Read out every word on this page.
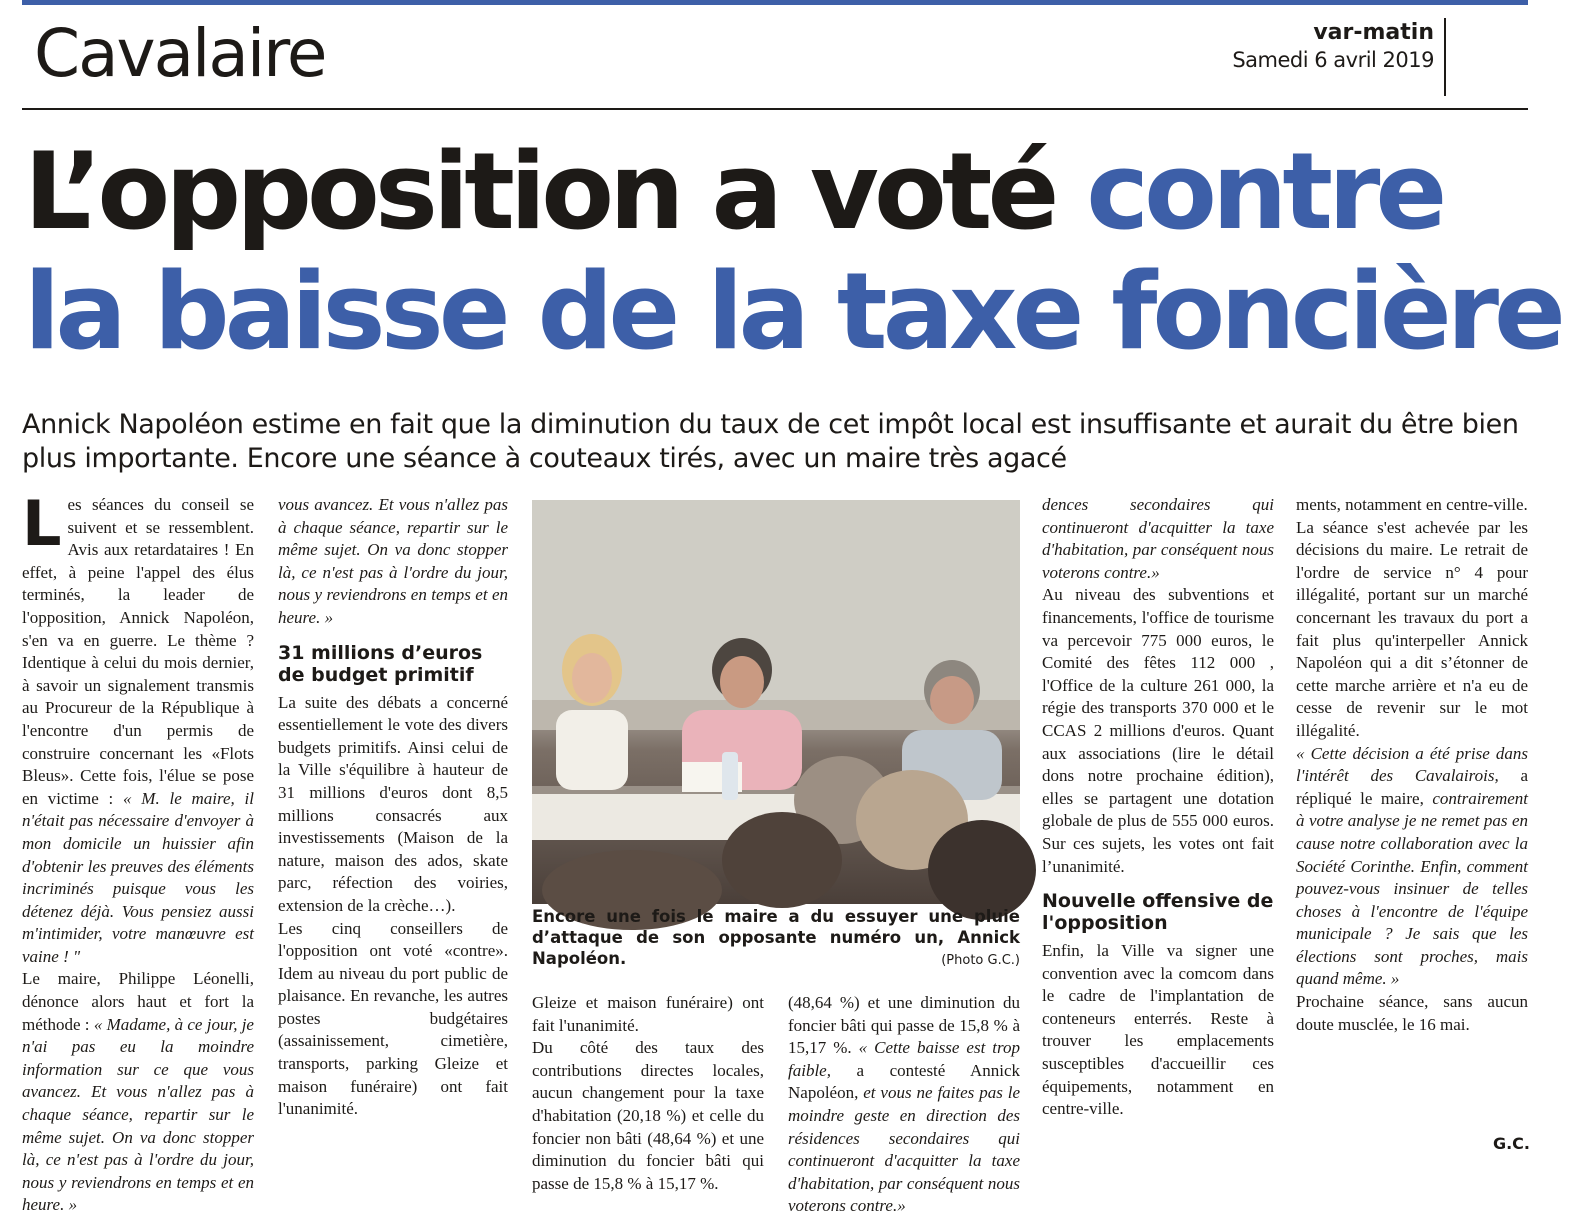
Cavalaire	var-matin
Samedi 6 avril 2019
L’opposition a voté contre
la baisse de la taxe foncière

Annick Napoléon estime en fait que la diminution du taux de cet impôt local est insuffisante et aurait du être bien plus importante. Encore une séance à couteaux tirés, avec un maire très agacé

Les séances du conseil se suivent et se ressemblent. Avis aux retardataires ! En effet, à peine l'appel des élus terminés, la leader de l'opposition, Annick Napoléon, s'en va en guerre. Le thème ? Identique à celui du mois dernier, à savoir un signalement transmis au Procureur de la République à l'encontre d'un permis de construire concernant les «Flots Bleus». Cette fois, l'élue se pose en victime : « M. le maire, il n'était pas nécessaire d'envoyer à mon domicile un huissier afin d'obtenir les preuves des éléments incriminés puisque vous les détenez déjà. Vous pensiez aussi m'intimider, votre manœuvre est vaine ! "

Le maire, Philippe Léonelli, dénonce alors haut et fort la méthode : « Madame, à ce jour, je n'ai pas eu la moindre information sur ce que vous avancez. Et vous n'allez pas à chaque séance, repartir sur le même sujet. On va donc stopper là, ce n'est pas à l'ordre du jour, nous y reviendrons en temps et en heure. »

vous avancez. Et vous n'allez pas à chaque séance, repartir sur le même sujet. On va donc stopper là, ce n'est pas à l'ordre du jour, nous y reviendrons en temps et en heure. »

31 millions d’euros de budget primitif

La suite des débats a concerné essentiellement le vote des divers budgets primitifs. Ainsi celui de la Ville s'équilibre à hauteur de 31 millions d'euros dont 8,5 millions consacrés aux investissements (Maison de la nature, maison des ados, skate parc, réfection des voiries, extension de la crèche…).

Les cinq conseillers de l'opposition ont voté «contre». Idem au niveau du port public de plaisance. En revanche, les autres postes budgétaires (assainissement, cimetière, transports, parking Gleize et maison funéraire) ont fait l'unanimité.

Encore une fois le maire a du essuyer une pluie d’attaque de son opposante numéro un, Annick Napoléon.	(Photo G.C.)

Gleize et maison funéraire) ont fait l'unanimité.

Du côté des taux des contributions directes locales, aucun changement pour la taxe d'habitation (20,18 %) et celle du foncier non bâti (48,64 %) et une diminution du foncier bâti qui passe de 15,8 % à 15,17 %.

(48,64 %) et une diminution du foncier bâti qui passe de 15,8 % à 15,17 %. « Cette baisse est trop faible, a contesté Annick Napoléon, et vous ne faites pas le moindre geste en direction des résidences secondaires qui continueront d'acquitter la taxe d'habitation, par conséquent nous voterons contre.»

dences secondaires qui continueront d'acquitter la taxe d'habitation, par conséquent nous voterons contre.»

Au niveau des subventions et financements, l'office de tourisme va percevoir 775 000 euros, le Comité des fêtes 112 000 , l'Office de la culture 261 000, la régie des transports 370 000 et le CCAS 2 millions d'euros. Quant aux associations (lire le détail dons notre prochaine édition), elles se partagent une dotation globale de plus de 555 000 euros. Sur ces sujets, les votes ont fait l’unanimité.

Nouvelle offensive de l'opposition

Enfin, la Ville va signer une convention avec la comcom dans le cadre de l'implantation de conteneurs enterrés. Reste à trouver les emplacements susceptibles d'accueillir ces équipements, notamment en centre-ville.

ments, notamment en centre-ville.

La séance s'est achevée par les décisions du maire. Le retrait de l'ordre de service n° 4 pour illégalité, portant sur un marché concernant les travaux du port a fait plus qu'interpeller Annick Napoléon qui a dit s’étonner de cette marche arrière et n'a eu de cesse de revenir sur le mot illégalité.

« Cette décision a été prise dans l'intérêt des Cavalairois, a répliqué le maire, contrairement à votre analyse je ne remet pas en cause notre collaboration avec la Société Corinthe. Enfin, comment pouvez-vous insinuer de telles choses à l'encontre de l'équipe municipale ? Je sais que les élections sont proches, mais quand même. »

Prochaine séance, sans aucun doute musclée, le 16 mai.

G.C.
